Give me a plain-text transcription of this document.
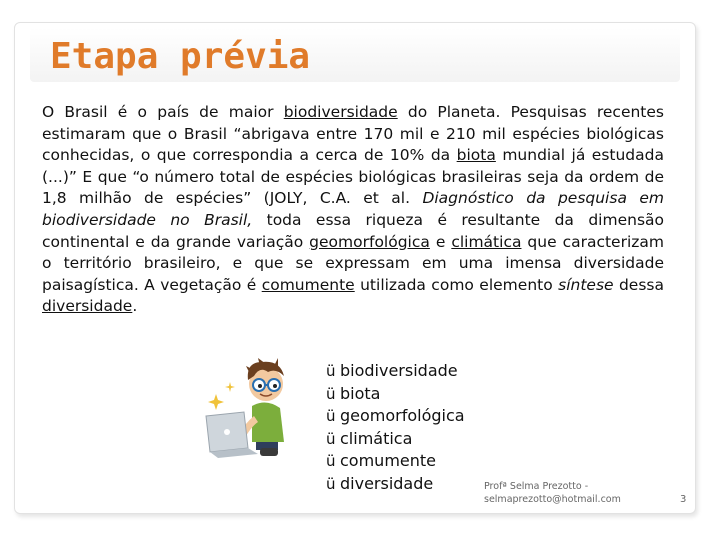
Etapa prévia
O Brasil é o país de maior biodiversidade do Planeta. Pesquisas recentes estimaram que o Brasil “abrigava entre 170 mil e 210 mil espécies biológicas conhecidas, o que correspondia a cerca de 10% da biota mundial já estudada (...)” E que “o número total de espécies biológicas brasileiras seja da ordem de 1,8 milhão de espécies” (JOLY, C.A. et al. Diagnóstico da pesquisa em biodiversidade no Brasil, toda essa riqueza é resultante da dimensão continental e da grande variação geomorfológica e climática que caracterizam o território brasileiro, e que se expressam em uma imensa diversidade paisagística. A vegetação é comumente utilizada como elemento síntese dessa diversidade.
ü biodiversidade
ü biota
ü geomorfológica
ü climática
ü comumente
ü diversidade	Profª Selma Prezotto -
selmaprezotto@hotmail.com	3
